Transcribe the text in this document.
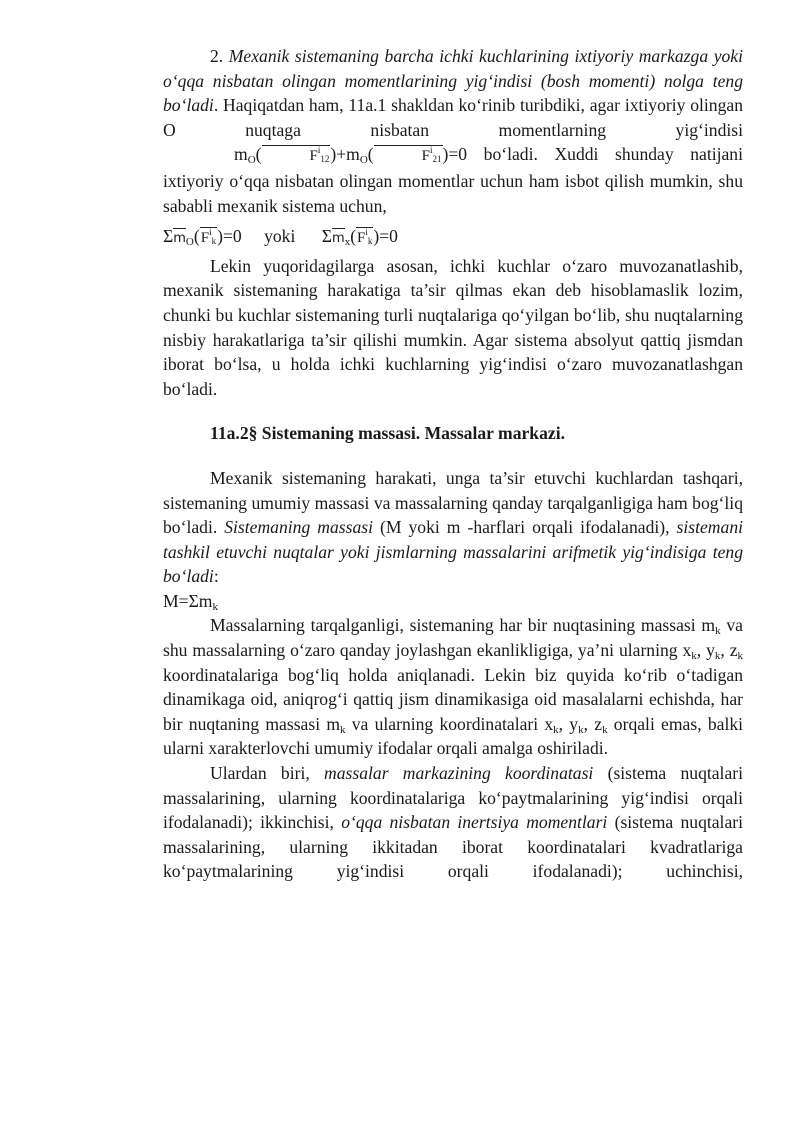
2. Mexanik sistemaning barcha ichki kuchlarining ixtiyoriy markazga yoki o‘qqa nisbatan olingan momentlarining yig‘indisi (bosh momenti) nolga teng bo‘ladi. Haqiqatdan ham, 11a.1 shakldan ko‘rinib turibdiki, agar ixtiyoriy olingan O nuqtaga nisbatan momentlarning yig‘indisi $m_O$(	$F^i_{12})+m_O$(	$F^i_{21})=0$ bo‘ladi. Xuddi shunday natijani ixtiyoriy o‘qqa nisbatan olingan momentlar uchun ham isbot qilish mumkin, shu sababli mexanik sistema uchun,

$\Sigma m_O$(
$F^i_k)=0$ yoki $\Sigma m_x$(
$F^i_k)=0$

Lekin yuqoridagilarga asosan, ichki kuchlar o‘zaro muvozanatlashib, mexanik sistemaning harakatiga ta’sir qilmas ekan deb hisoblamaslik lozim, chunki bu kuchlar sistemaning turli nuqtalariga qo‘yilgan bo‘lib, shu nuqtalarning nisbiy harakatlariga ta’sir qilishi mumkin. Agar sistema absolyut qattiq jismdan iborat bo‘lsa, u holda ichki kuchlarning yig‘indisi o‘zaro muvozanatlashgan bo‘ladi.

11a.2§ Sistemaning massasi. Massalar markazi.

Mexanik sistemaning harakati, unga ta’sir etuvchi kuchlardan tashqari, sistemaning umumiy massasi va massalarning qanday tarqalganligiga ham bog‘liq bo‘ladi. Sistemaning massasi (M yoki m -harflari orqali ifodalanadi), sistemani tashkil etuvchi nuqtalar yoki jismlarning massalarini arifmetik yig‘indisiga teng bo‘ladi:

$M=\Sigma m_k$

Massalarning tarqalganligi, sistemaning har bir nuqtasining massasi $m_k$ va shu massalarning o‘zaro qanday joylashgan ekanlikligiga, ya’ni ularning $x_k$, $y_k$, $z_k$ koordinatalariga bog‘liq holda aniqlanadi. Lekin biz quyida ko‘rib o‘tadigan dinamikaga oid, aniqrog‘i qattiq jism dinamikasiga oid masalalarni echishda, har bir nuqtaning massasi $m_k$ va ularning koordinatalari $x_k$, $y_k$, $z_k$ orqali emas, balki ularni xarakterlovchi umumiy ifodalar orqali amalga oshiriladi.

Ulardan biri, massalar markazining koordinatasi (sistema nuqtalari massalarining, ularning koordinatalariga ko‘paytmalarining yig‘indisi orqali ifodalanadi); ikkinchisi, o‘qqa nisbatan inertsiya momentlari (sistema nuqtalari massalarining, ularning ikkitadan iborat koordinatalari kvadratlariga ko‘paytmalarining yig‘indisi orqali ifodalanadi); uchinchisi,
